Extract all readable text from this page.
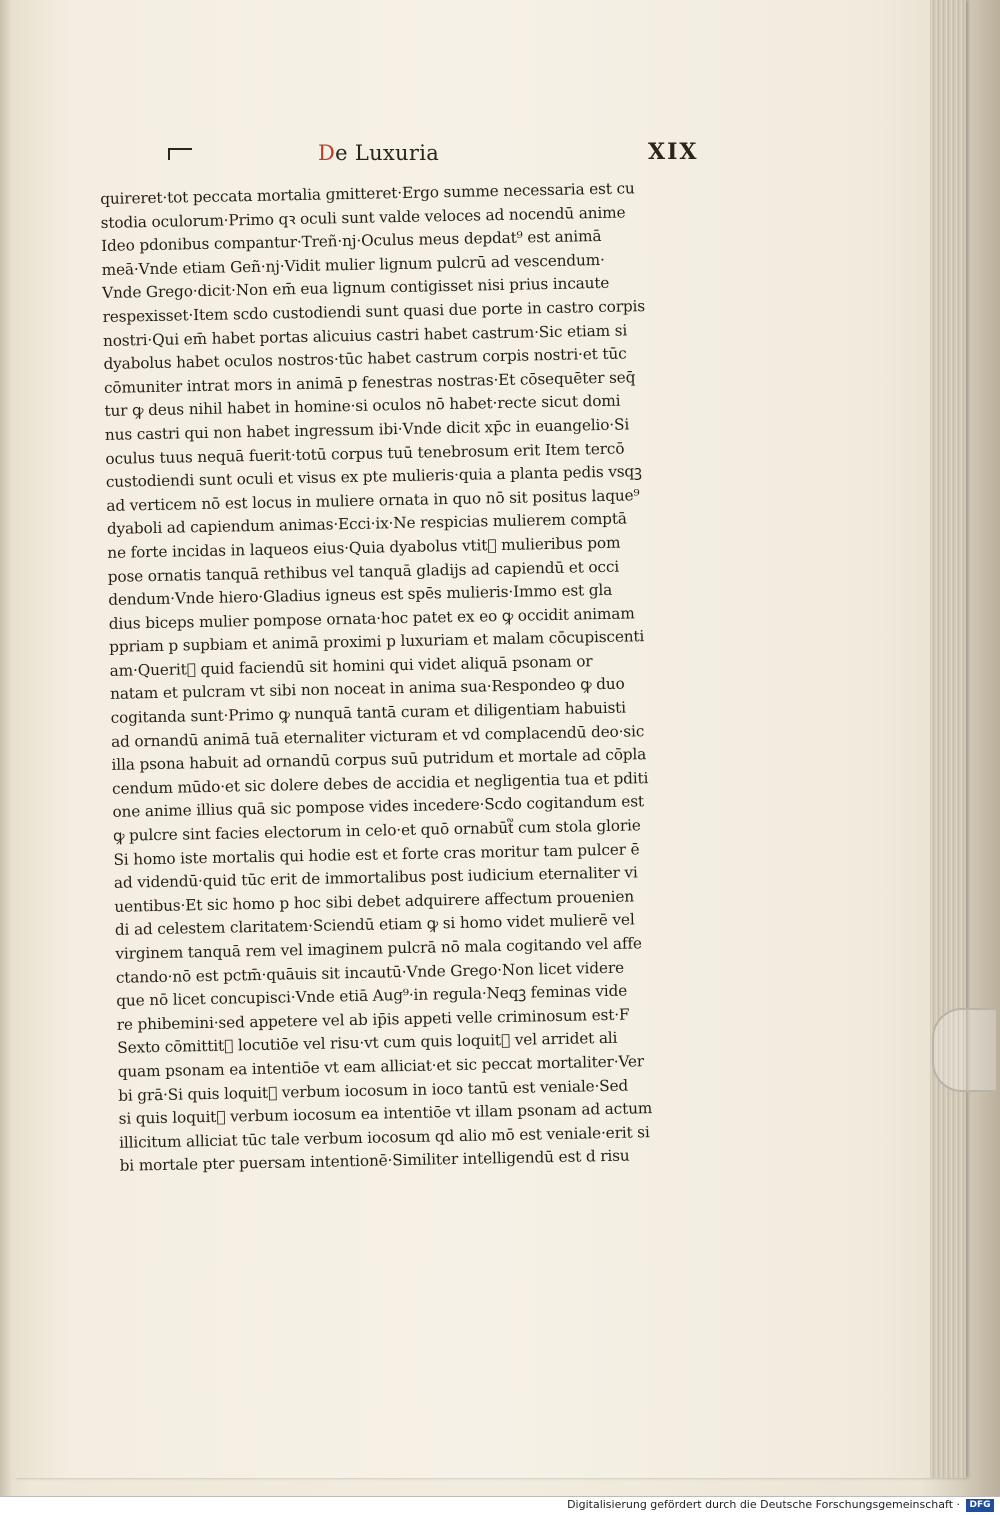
De Luxuria	XIX
quireret·tot peccata mortalia ɡmitteret·Ergo summe necessaria est cu
stodia oculorum·Primo qꝛ oculi sunt valde veloces ad nocendū anime
Ideo pdonibus compantur·Treñ·nj·Oculus meus depdat⁹ est animā
meā·Vnde etiam Geñ·nj·Vidit mulier lignum pulcrū ad vescendum·
Vnde Grego·dicit·Non em̄ eua lignum contigisset nisi prius incaute
respexisset·Item scdo custodiendi sunt quasi due porte in castro corpis
nostri·Qui em̄ habet portas alicuius castri habet castrum·Sic etiam si
dyabolus habet oculos nostros·tūc habet castrum corpis nostri·et tūc
cōmuniter intrat mors in animā p fenestras nostras·Et cōsequēter seq̄
tur ꝙ deus nihil habet in homine·si oculos nō habet·recte sicut domi
nus castri qui non habet ingressum ibi·Vnde dicit xp̄c in euangelio·Si
oculus tuus nequā fuerit·totū corpus tuū tenebrosum erit Item tercō
custodiendi sunt oculi et visus ex pte mulieris·quia a planta pedis vsqꝫ
ad verticem nō est locus in muliere ornata in quo nō sit positus laque⁹
dyaboli ad capiendum animas·Ecci·ix·Ne respicias mulierem comptā
ne forte incidas in laqueos eius·Quia dyabolus vtit᷑ mulieribus pom
pose ornatis tanquā rethibus vel tanquā gladijs ad capiendū et occi
dendum·Vnde hiero·Gladius igneus est spēs mulieris·Immo est gla
dius biceps mulier pompose ornata·hoc patet ex eo ꝙ occidit animam
ppriam p supbiam et animā proximi p luxuriam et malam cōcupiscenti
am·Querit᷑ quid faciendū sit homini qui videt aliquā psonam or
natam et pulcram vt sibi non noceat in anima sua·Respondeo ꝙ duo
cogitanda sunt·Primo ꝙ nunquā tantā curam et diligentiam habuisti
ad ornandū animā tuā eternaliter victuram et vd complacendū deo·sic
illa psona habuit ad ornandū corpus suū putridum et mortale ad cōpla
cendum mūdo·et sic dolere debes de accidia et negligentia tua et pditi
one anime illius quā sic pompose vides incedere·Scdo cogitandum est
ꝙ pulcre sint facies electorum in celo·et quō ornabūt᷑ cum stola glorie
Si homo iste mortalis qui hodie est et forte cras moritur tam pulcer ē
ad videndū·quid tūc erit de immortalibus post iudicium eternaliter vi
uentibus·Et sic homo p hoc sibi debet adquirere affectum prouenien
di ad celestem claritatem·Sciendū etiam ꝙ si homo videt mulierē vel
virginem tanquā rem vel imaginem pulcrā nō mala cogitando vel affe
ctando·nō est pctm̄·quāuis sit incautū·Vnde Grego·Non licet videre
que nō licet concupisci·Vnde etiā Aug⁹·in regula·Neqꝫ feminas vide
re phibemini·sed appetere vel ab ip̄is appeti velle criminosum est·F
Sexto cōmittit᷑ locutiōe vel risu·vt cum quis loquit᷑ vel arridet ali
quam psonam ea intentiōe vt eam alliciat·et sic peccat mortaliter·Ver
bi grā·Si quis loquit᷑ verbum iocosum in ioco tantū est veniale·Sed
si quis loquit᷑ verbum iocosum ea intentiōe vt illam psonam ad actum
illicitum alliciat tūc tale verbum iocosum qd alio mō est veniale·erit si
bi mortale pter puersam intentionē·Similiter intelligendū est d risu
Digitalisierung gefördert durch die Deutsche Forschungsgemeinschaft ·	DFG
